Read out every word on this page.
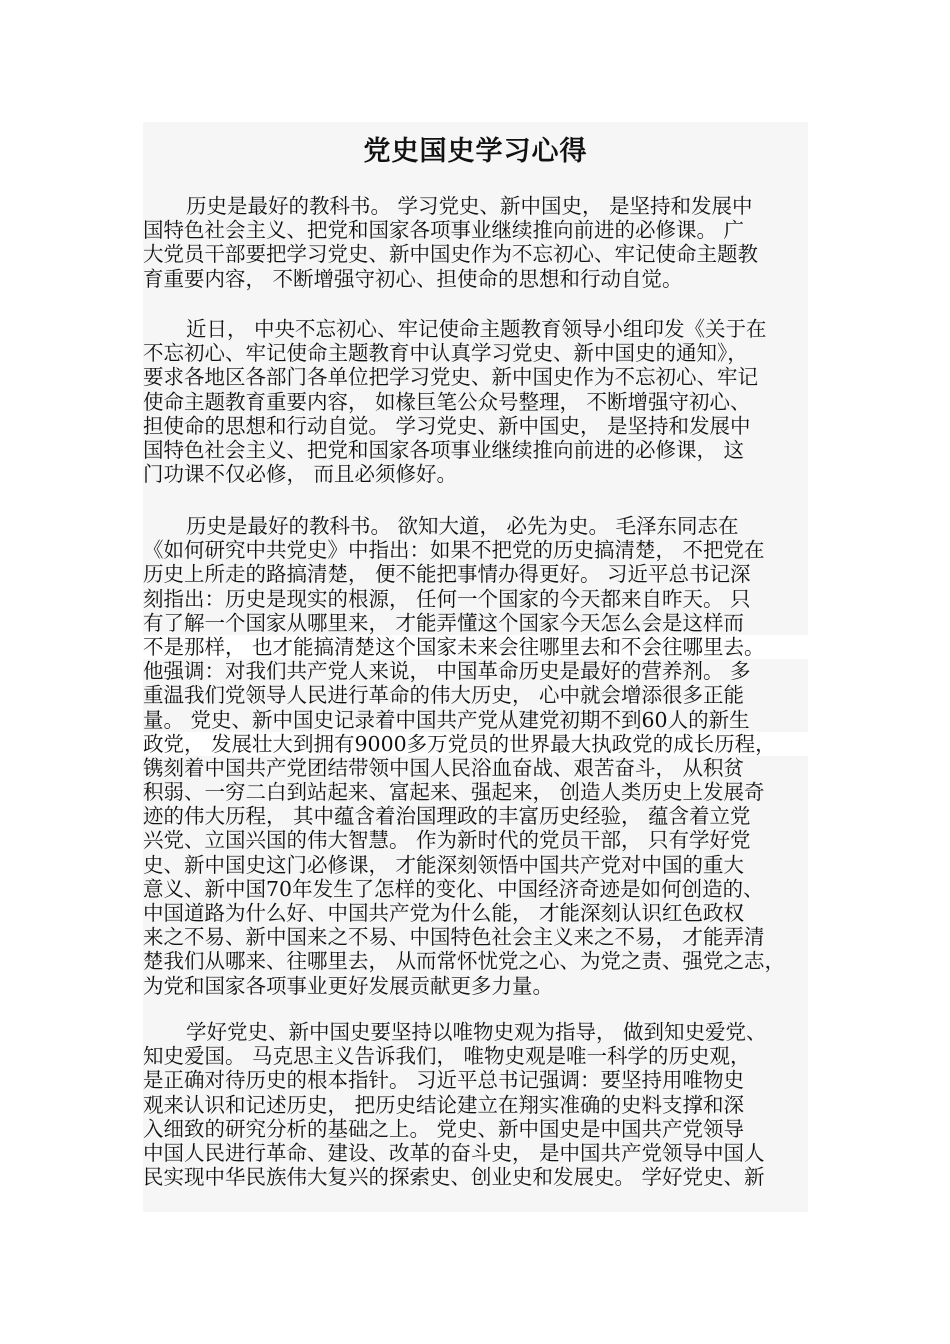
党史国史学习心得
历史是最好的教科书。 学习党史、新中国史， 是坚持和发展中
国特色社会主义、把党和国家各项事业继续推向前进的必修课。 广
大党员干部要把学习党史、新中国史作为不忘初心、牢记使命主题教
育重要内容， 不断增强守初心、担使命的思想和行动自觉。
近日， 中央不忘初心、牢记使命主题教育领导小组印发《关于在
不忘初心、牢记使命主题教育中认真学习党史、新中国史的通知》，
要求各地区各部门各单位把学习党史、新中国史作为不忘初心、牢记
使命主题教育重要内容， 如椽巨笔公众号整理， 不断增强守初心、
担使命的思想和行动自觉。 学习党史、新中国史， 是坚持和发展中
国特色社会主义、把党和国家各项事业继续推向前进的必修课， 这
门功课不仅必修， 而且必须修好。
历史是最好的教科书。 欲知大道， 必先为史。 毛泽东同志在
《如何研究中共党史》中指出：如果不把党的历史搞清楚， 不把党在
历史上所走的路搞清楚， 便不能把事情办得更好。 习近平总书记深
刻指出：历史是现实的根源， 任何一个国家的今天都来自昨天。 只
有了解一个国家从哪里来， 才能弄懂这个国家今天怎么会是这样而
不是那样， 也才能搞清楚这个国家未来会往哪里去和不会往哪里去。
他强调：对我们共产党人来说， 中国革命历史是最好的营养剂。 多
重温我们党领导人民进行革命的伟大历史， 心中就会增添很多正能
量。 党史、新中国史记录着中国共产党从建党初期不到60人的新生
政党， 发展壮大到拥有9000多万党员的世界最大执政党的成长历程，
镌刻着中国共产党团结带领中国人民浴血奋战、艰苦奋斗， 从积贫
积弱、一穷二白到站起来、富起来、强起来， 创造人类历史上发展奇
迹的伟大历程， 其中蕴含着治国理政的丰富历史经验， 蕴含着立党
兴党、立国兴国的伟大智慧。 作为新时代的党员干部， 只有学好党
史、新中国史这门必修课， 才能深刻领悟中国共产党对中国的重大
意义、新中国70年发生了怎样的变化、中国经济奇迹是如何创造的、
中国道路为什么好、中国共产党为什么能， 才能深刻认识红色政权
来之不易、新中国来之不易、中国特色社会主义来之不易， 才能弄清
楚我们从哪来、往哪里去， 从而常怀忧党之心、为党之责、强党之志，
为党和国家各项事业更好发展贡献更多力量。
学好党史、新中国史要坚持以唯物史观为指导， 做到知史爱党、
知史爱国。 马克思主义告诉我们， 唯物史观是唯一科学的历史观，
是正确对待历史的根本指针。 习近平总书记强调：要坚持用唯物史
观来认识和记述历史， 把历史结论建立在翔实准确的史料支撑和深
入细致的研究分析的基础之上。 党史、新中国史是中国共产党领导
中国人民进行革命、建设、改革的奋斗史， 是中国共产党领导中国人
民实现中华民族伟大复兴的探索史、创业史和发展史。 学好党史、新
